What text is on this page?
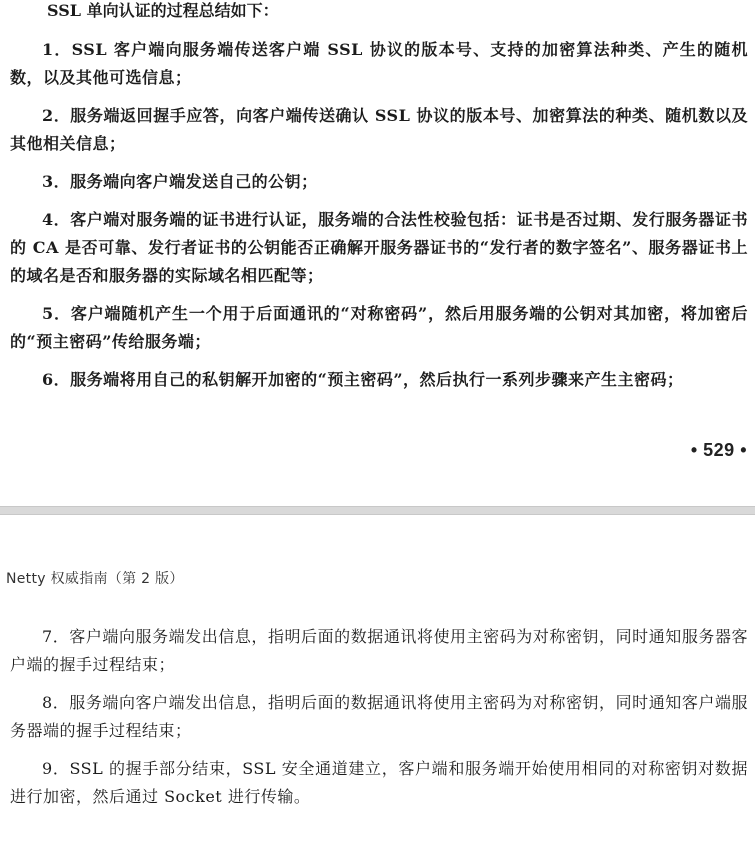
SSL 单向认证的过程总结如下：

1．SSL 客户端向服务端传送客户端 SSL 协议的版本号、支持的加密算法种类、产生的随机数，以及其他可选信息；

2．服务端返回握手应答，向客户端传送确认 SSL 协议的版本号、加密算法的种类、随机数以及其他相关信息；

3．服务端向客户端发送自己的公钥；

4．客户端对服务端的证书进行认证，服务端的合法性校验包括：证书是否过期、发行服务器证书的 CA 是否可靠、发行者证书的公钥能否正确解开服务器证书的“发行者的数字签名”、服务器证书上的域名是否和服务器的实际域名相匹配等；

5．客户端随机产生一个用于后面通讯的“对称密码”，然后用服务端的公钥对其加密，将加密后的“预主密码”传给服务端；

6．服务端将用自己的私钥解开加密的“预主密码”，然后执行一系列步骤来产生主密码；

• 529 •
Netty 权威指南（第 2 版）

7．客户端向服务端发出信息，指明后面的数据通讯将使用主密码为对称密钥，同时通知服务器客户端的握手过程结束；

8．服务端向客户端发出信息，指明后面的数据通讯将使用主密码为对称密钥，同时通知客户端服务器端的握手过程结束；

9．SSL 的握手部分结束，SSL 安全通道建立，客户端和服务端开始使用相同的对称密钥对数据进行加密，然后通过 Socket 进行传输。
